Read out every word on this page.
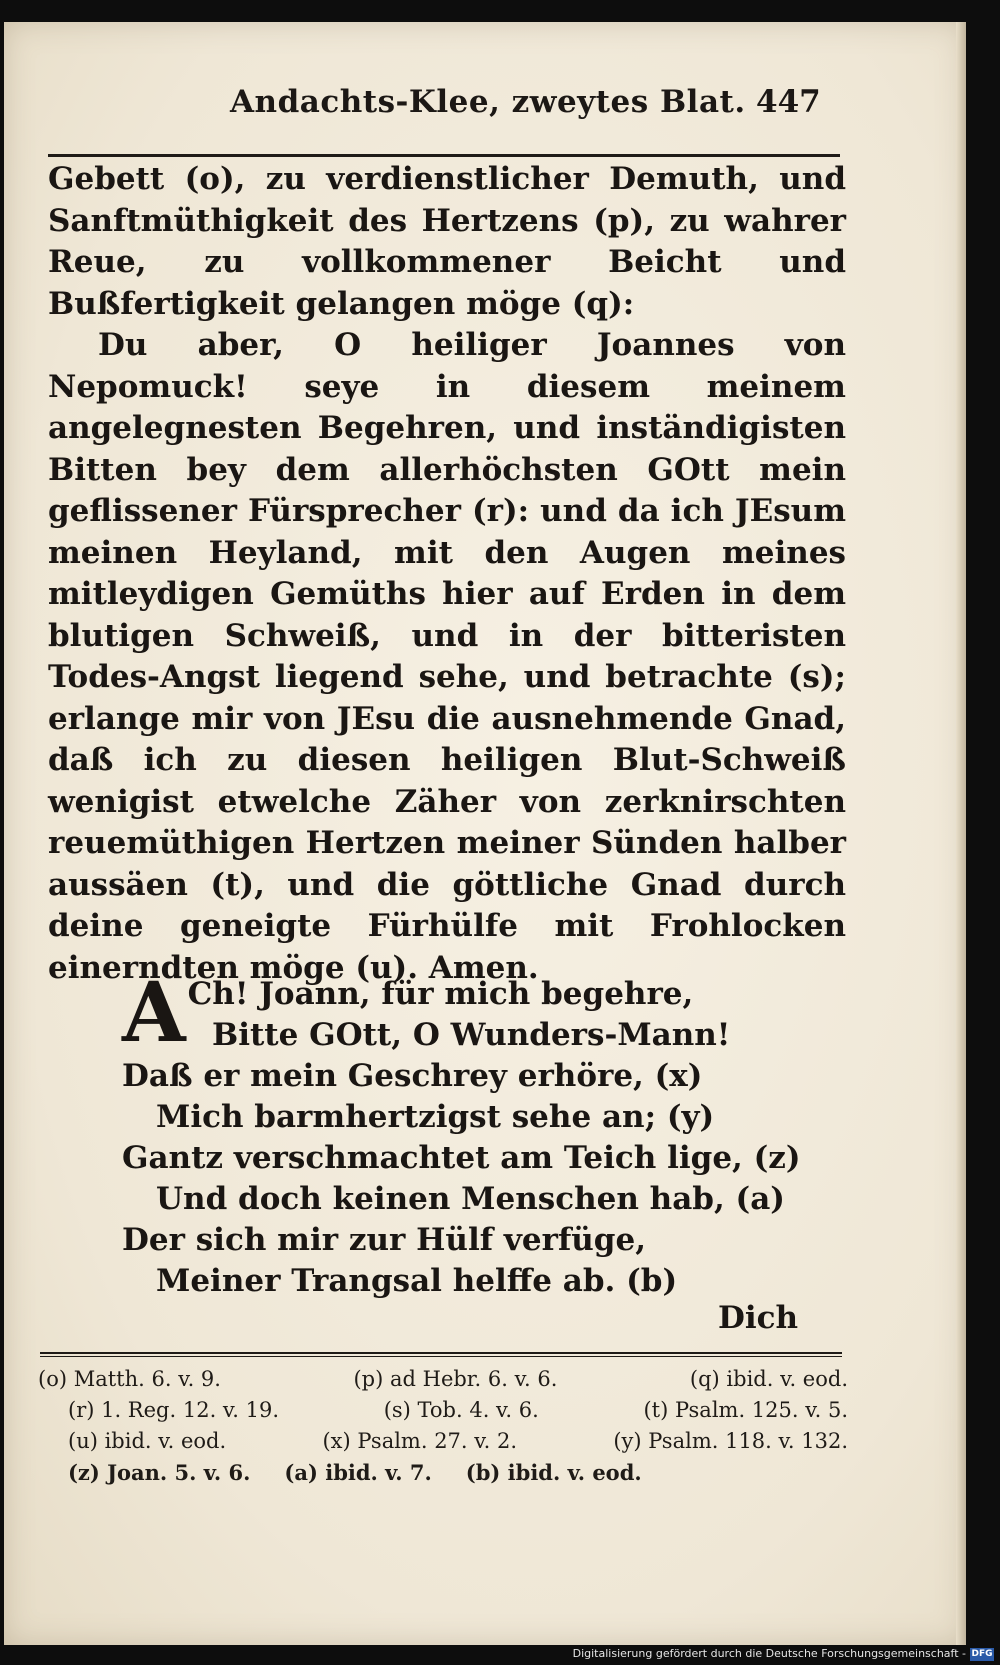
Andachts-Klee, zweytes Blat. 447

Gebett (o), zu verdienstlicher Demuth, und Sanftmüthigkeit des Hertzens (p), zu wahrer Reue, zu vollkommener Beicht und Bußfertigkeit gelangen möge (q):

Du aber, O heiliger Joannes von Nepomuck! seye in diesem meinem angelegnesten Begehren, und inständigisten Bitten bey dem allerhöchsten GOtt mein geflissener Fürsprecher (r): und da ich JEsum meinen Heyland, mit den Augen meines mitleydigen Gemüths hier auf Erden in dem blutigen Schweiß, und in der bitteristen Todes-Angst liegend sehe, und betrachte (s); erlange mir von JEsu die ausnehmende Gnad, daß ich zu diesen heiligen Blut-Schweiß wenigist etwelche Zäher von zerknirschten reuemüthigen Hertzen meiner Sünden halber aussäen (t), und die göttliche Gnad durch deine geneigte Fürhülfe mit Frohlocken einerndten möge (u). Amen.

A Ch! Joann, für mich begehre,
Bitte GOtt, O Wunders-Mann!
Daß er mein Geschrey erhöre, (x)
Mich barmhertzigst sehe an; (y)
Gantz verschmachtet am Teich lige, (z)
Und doch keinen Menschen hab, (a)
Der sich mir zur Hülf verfüge,
Meiner Trangsal helffe ab. (b)
Dich
(o) Matth. 6. v. 9.	(p) ad Hebr. 6. v. 6.	(q) ibid. v. eod.
(r) 1. Reg. 12. v. 19.	(s) Tob. 4. v. 6.	(t) Psalm. 125. v. 5.
(u) ibid. v. eod.	(x) Psalm. 27. v. 2.	(y) Psalm. 118. v. 132.
(z) Joan. 5. v. 6. (a) ibid. v. 7. (b) ibid. v. eod.
Digitalisierung gefördert durch die Deutsche Forschungsgemeinschaft - DFG
